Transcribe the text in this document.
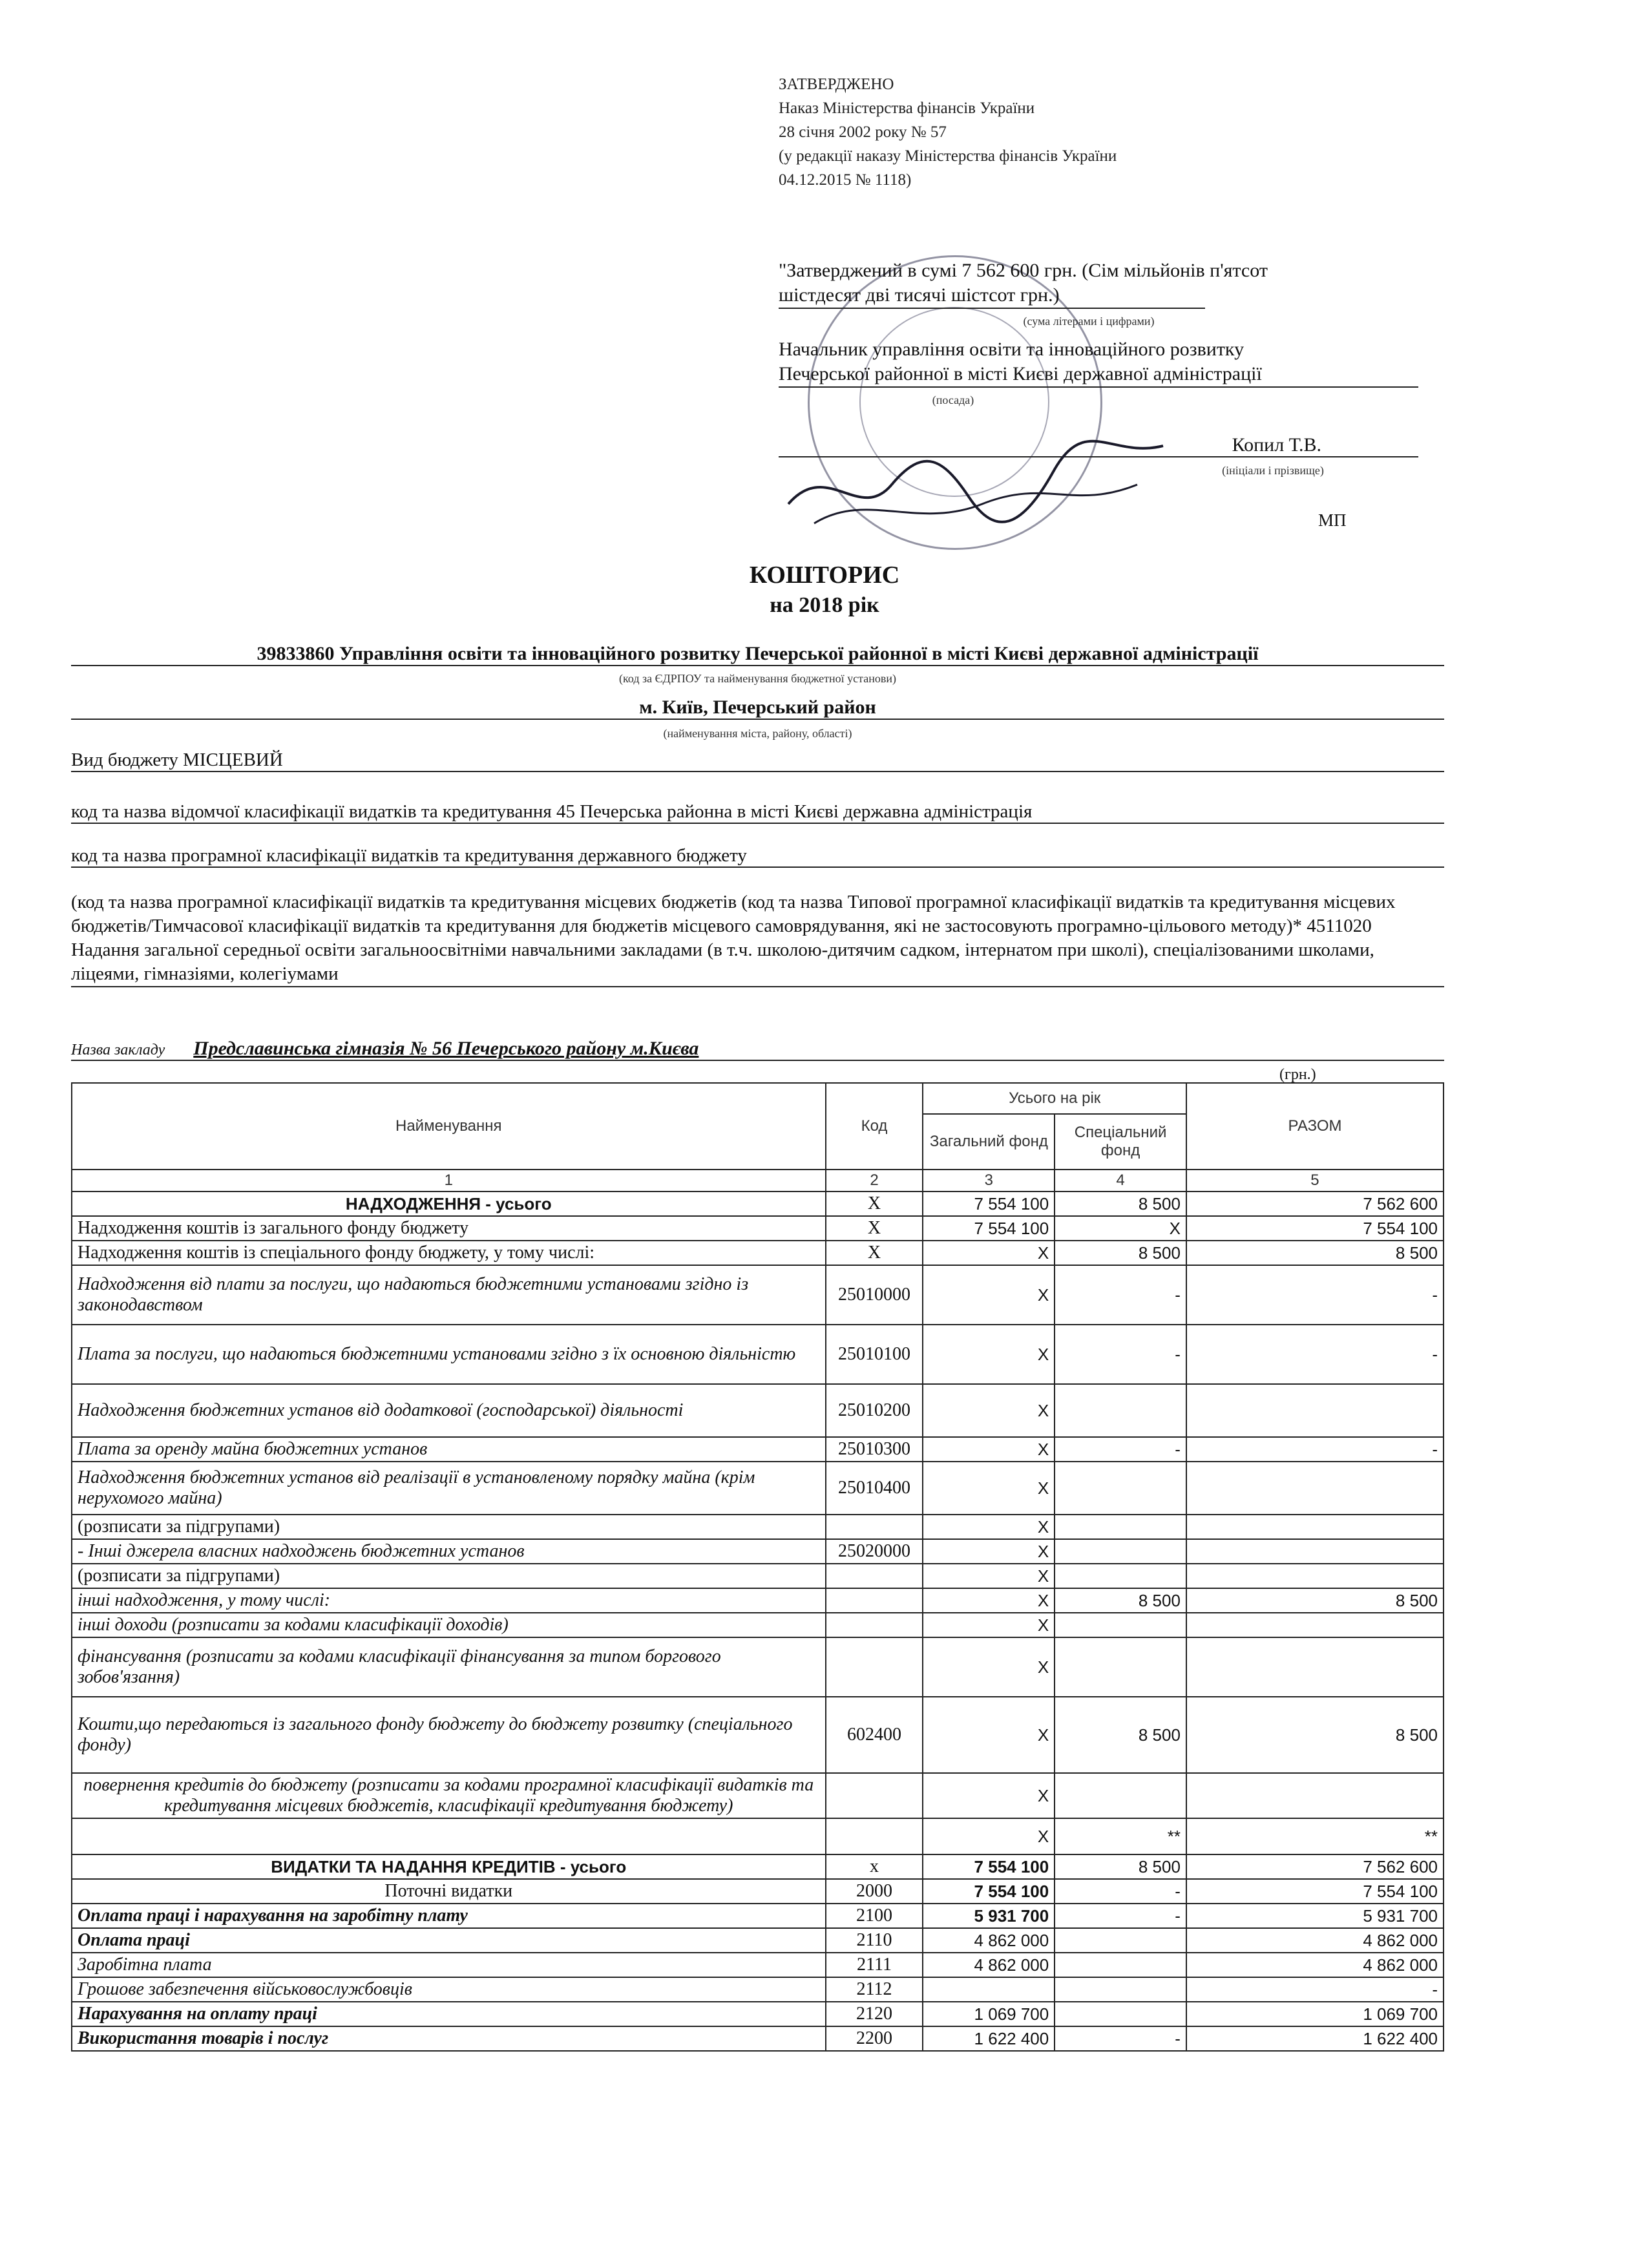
ЗАТВЕРДЖЕНО
Наказ Міністерства фінансів України
28 січня 2002 року № 57
(у редакції наказу Міністерства фінансів України
04.12.2015 № 1118)
"Затверджений в сумі 7 562 600 грн. (Сім мільйонів п'ятсот
шістдесят дві тисячі шістсот грн.)
(сума літерами і цифрами)
Начальник управління освіти та інноваційного розвитку
Печерської районної в місті Києві державної адміністрації
(посада)
Копил Т.В.
(ініціали і прізвище)
МП
КОШТОРИС
на 2018 рік
39833860 Управління освіти та інноваційного розвитку Печерської районної в місті Києві державної адміністрації
(код за ЄДРПОУ та найменування бюджетної установи)
м. Київ, Печерський район
(найменування міста, району, області)
Вид бюджету МІСЦЕВИЙ
код та назва відомчої класифікації видатків та кредитування 45 Печерська районна в місті Києві державна адміністрація
код та назва програмної класифікації видатків та кредитування державного бюджету
(код та назва програмної класифікації видатків та кредитування місцевих бюджетів (код та назва Типової програмної класифікації видатків та кредитування місцевих бюджетів/Тимчасової класифікації видатків та кредитування для бюджетів місцевого самоврядування, які не застосовують програмно-цільового методу)* 4511020 Надання загальної середньої освіти загальноосвітніми навчальними закладами (в т.ч. школою-дитячим садком, інтернатом при школі), спеціалізованими школами, ліцеями, гімназіями, колегіумами
Назва закладу Предславинська гімназія № 56 Печерського району м.Києва
(грн.)
Найменування	Код	Усього на рік		РАЗОМ
		Загальний фонд	Спеціальний фонд	
1	2	3	4	5
НАДХОДЖЕННЯ - усього	X	7 554 100	8 500	7 562 600
Надходження коштів із загального фонду бюджету	X	7 554 100	X	7 554 100
Надходження коштів із спеціального фонду бюджету, у тому числі:	X	X	8 500	8 500
Надходження від плати за послуги, що надаються бюджетними установами згідно із законодавством	25010000	X	-	-
Плата за послуги, що надаються бюджетними установами згідно з їх основною діяльністю	25010100	X	-	-
Надходження бюджетних установ від додаткової (господарської) діяльності	25010200	X		
Плата за оренду майна бюджетних установ	25010300	X	-	-
Надходження бюджетних установ від реалізації в установленому порядку майна (крім нерухомого майна)	25010400	X		
(розписати за підгрупами)		X		
- Інші джерела власних надходжень бюджетних установ	25020000	X		
(розписати за підгрупами)		X		
інші надходження, у тому числі:		X	8 500	8 500
інші доходи (розписати за кодами класифікації доходів)		X		
фінансування (розписати за кодами класифікації фінансування за типом боргового зобов'язання)		X		
Кошти,що передаються із загального фонду бюджету до бюджету розвитку (спеціального фонду)	602400	X	8 500	8 500
повернення кредитів до бюджету (розписати за кодами програмної класифікації видатків та кредитування місцевих бюджетів, класифікації кредитування бюджету)		X		
		X	**	**
ВИДАТКИ ТА НАДАННЯ КРЕДИТІВ - усього	x	7 554 100	8 500	7 562 600
Поточні видатки	2000	7 554 100	-	7 554 100
Оплата праці і нарахування на заробітну плату	2100	5 931 700	-	5 931 700
Оплата праці	2110	4 862 000		4 862 000
Заробітна плата	2111	4 862 000		4 862 000
Грошове забезпечення військовослужбовців	2112			-
Нарахування на оплату праці	2120	1 069 700		1 069 700
Використання товарів і послуг	2200	1 622 400	-	1 622 400
